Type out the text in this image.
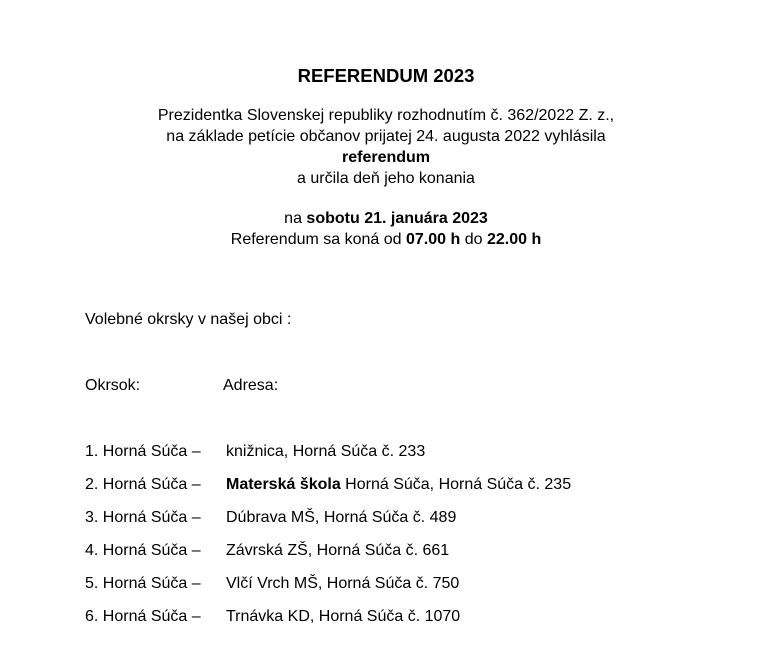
REFERENDUM 2023
Prezidentka Slovenskej republiky rozhodnutím č. 362/2022 Z. z.,
na základe petície občanov prijatej 24. augusta 2022 vyhlásila
referendum
a určila deň jeho konania
na sobotu 21. januára 2023
Referendum sa koná od 07.00 h do 22.00 h
Volebné okrsky v našej obci :
Okrsok:	Adresa:
1. Horná Súča – knižnica, Horná Súča č. 233
2. Horná Súča – Materská škola Horná Súča, Horná Súča č. 235
3. Horná Súča – Dúbrava MŠ, Horná Súča č. 489
4. Horná Súča – Závrská ZŠ, Horná Súča č. 661
5. Horná Súča – Vlčí Vrch MŠ, Horná Súča č. 750
6. Horná Súča – Trnávka KD, Horná Súča č. 1070
